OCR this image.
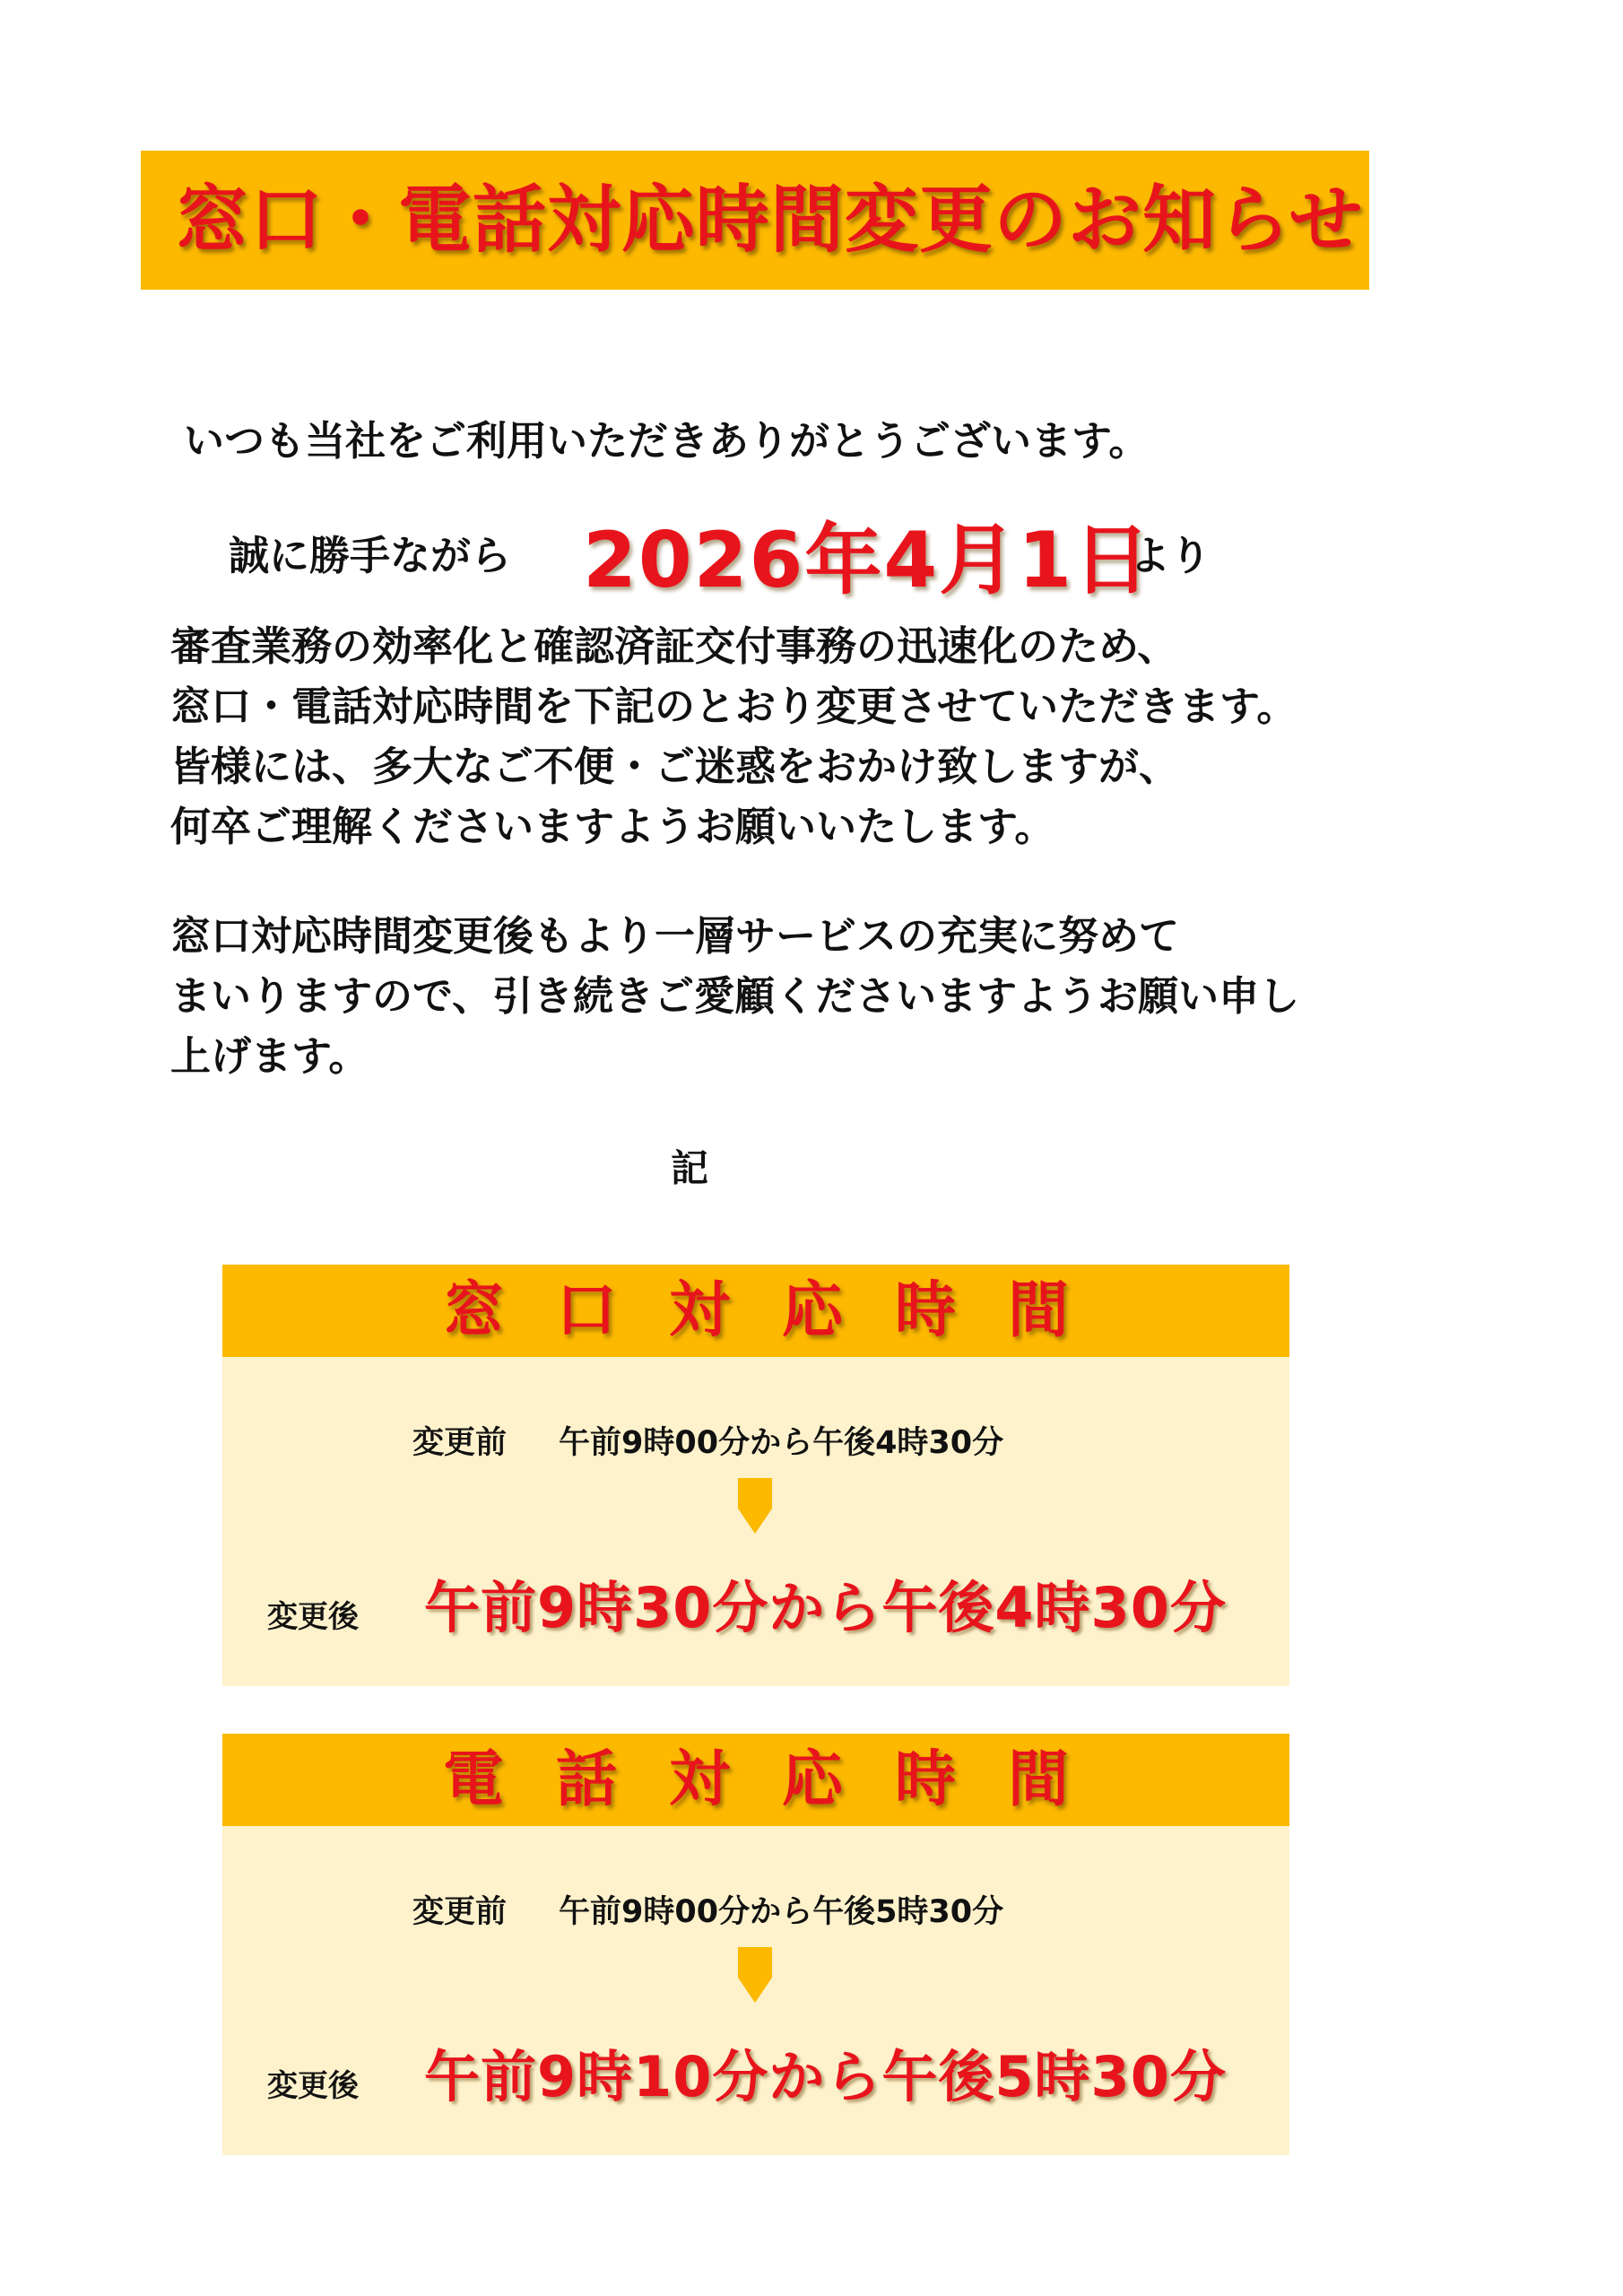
窓口・電話対応時間変更のお知らせ
いつも当社をご利用いただきありがとうございます。
誠に勝手ながら 2026年4月1日
より
審査業務の効率化と確認済証交付事務の迅速化のため、
窓口・電話対応時間を下記のとおり変更させていただきます。
皆様には、多大なご不便・ご迷惑をおかけ致しますが、
何卒ご理解くださいますようお願いいたします。
窓口対応時間変更後もより一層サービスの充実に努めて
まいりますので、引き続きご愛顧くださいますようお願い申し
上げます。
記
窓口対応時間
変更前 午前9時00分から午後4時30分
変更後 午前9時30分から午後4時30分
電話対応時間
変更前 午前9時00分から午後5時30分
変更後 午前9時10分から午後5時30分
